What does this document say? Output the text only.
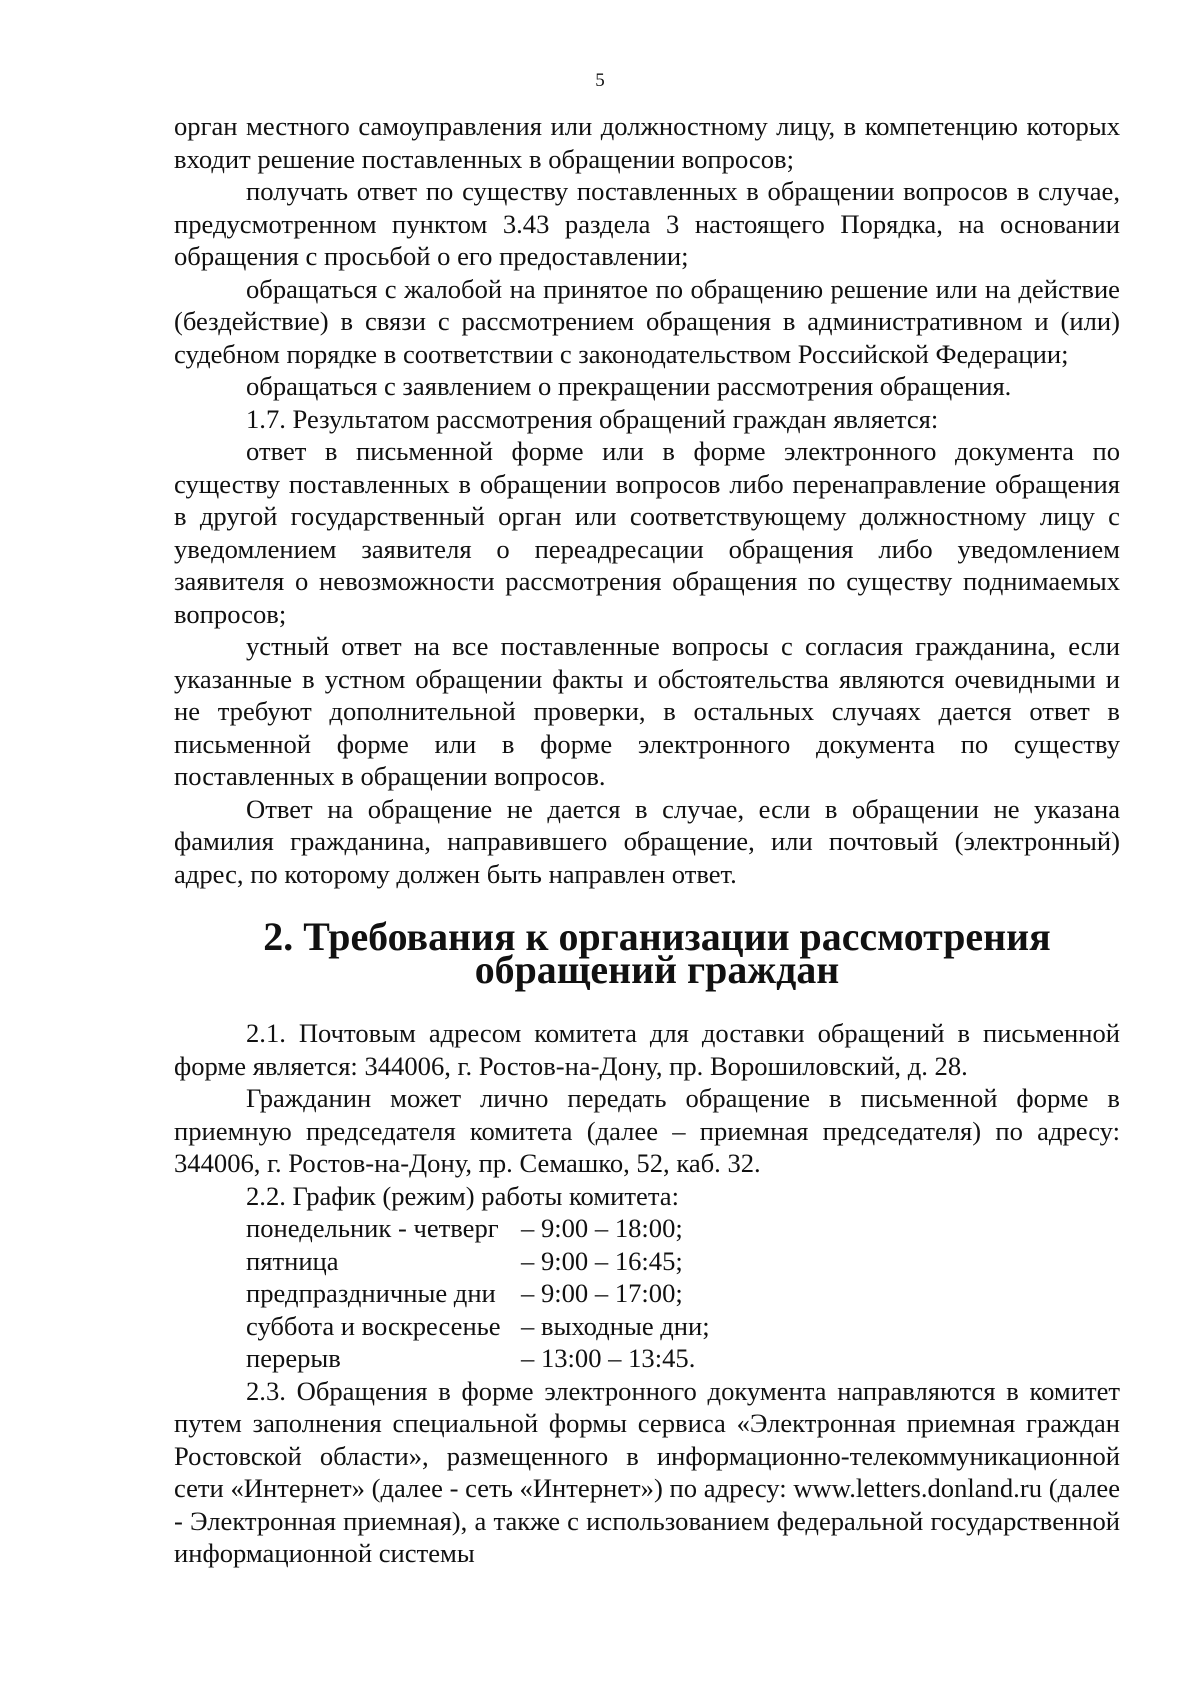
5

орган местного самоуправления или должностному лицу, в компетенцию которых входит решение поставленных в обращении вопросов;

получать ответ по существу поставленных в обращении вопросов в случае, предусмотренном пунктом 3.43 раздела 3 настоящего Порядка, на основании обращения с просьбой о его предоставлении;

обращаться с жалобой на принятое по обращению решение или на действие (бездействие) в связи с рассмотрением обращения в административном и (или) судебном порядке в соответствии с законодательством Российской Федерации;

обращаться с заявлением о прекращении рассмотрения обращения.

1.7. Результатом рассмотрения обращений граждан является:

ответ в письменной форме или в форме электронного документа по существу поставленных в обращении вопросов либо перенаправление обращения в другой государственный орган или соответствующему должностному лицу с уведомлением заявителя о переадресации обращения либо уведомлением заявителя о невозможности рассмотрения обращения по существу поднимаемых вопросов;

устный ответ на все поставленные вопросы с согласия гражданина, если указанные в устном обращении факты и обстоятельства являются очевидными и не требуют дополнительной проверки, в остальных случаях дается ответ в письменной форме или в форме электронного документа по существу поставленных в обращении вопросов.

Ответ на обращение не дается в случае, если в обращении не указана фамилия гражданина, направившего обращение, или почтовый (электронный) адрес, по которому должен быть направлен ответ.

2. Требования к организации рассмотрения обращений граждан

2.1. Почтовым адресом комитета для доставки обращений в письменной форме является: 344006, г. Ростов-на-Дону, пр. Ворошиловский, д. 28.

Гражданин может лично передать обращение в письменной форме в приемную председателя комитета (далее – приемная председателя) по адресу: 344006, г. Ростов-на-Дону, пр. Семашко, 52, каб. 32.

2.2. График (режим) работы комитета:

понедельник - четверг	– 9:00 – 18:00;
пятница	– 9:00 – 16:45;
предпраздничные дни	– 9:00 – 17:00;
суббота и воскресенье	– выходные дни;
перерыв	– 13:00 – 13:45.

2.3. Обращения в форме электронного документа направляются в комитет путем заполнения специальной формы сервиса «Электронная приемная граждан Ростовской области», размещенного в информационно-телекоммуникационной сети «Интернет» (далее - сеть «Интернет») по адресу: www.letters.donland.ru (далее - Электронная приемная), а также с использованием федеральной государственной информационной системы
